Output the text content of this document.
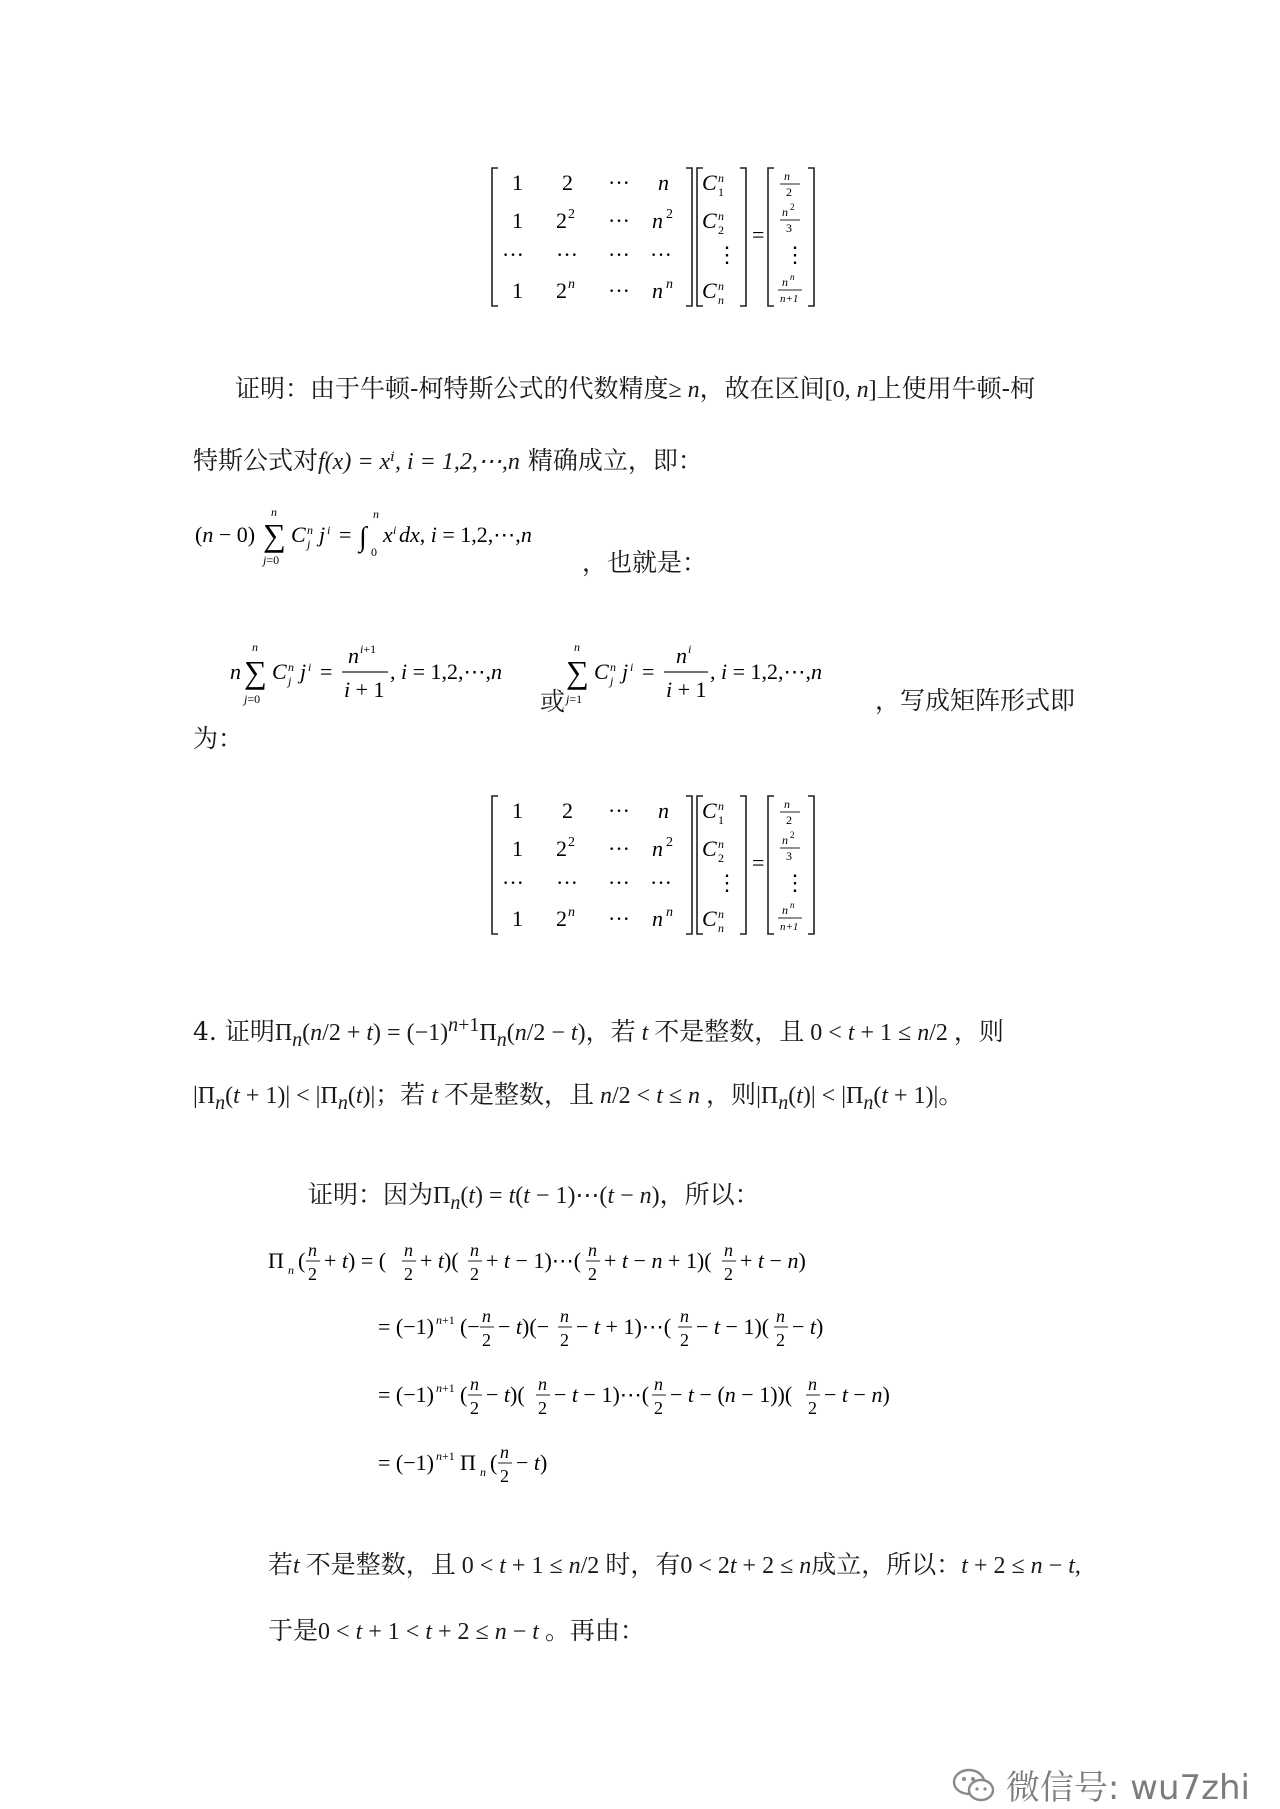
1 2 ··· n
1 2 2 ··· n 2
··· ··· ··· ···
1 2 n ··· n n
C n
1
C n
2
⋮
C n
n
=
n
2
n 2
3
⋮
n n
n+1
证明：由于牛顿-柯特斯公式的代数精度≥ n，故在区间[0, n]上使用牛顿-柯
特斯公式对f(x) = xⁱ, i = 1,2,⋯,n 精确成立，即：
(n − 0) ∑
n
j=0
C n
j j i = ∫
n
0
x i dx, i = 1,2,⋯,n
，也就是：
n ∑
n
j=0
C n
j j i =
n i+1
i + 1
, i = 1,2,⋯,n
或
∑
n
j=1
C n
j j i =
n i
i + 1
, i = 1,2,⋯,n
，写成矩阵形式即
为：
1 2 ··· n
1 2 2 ··· n 2
··· ··· ··· ···
1 2 n ··· n n
C n
1
C n
2
⋮
C n
n
=
n
2
n 2
3
⋮
n n
n+1
4. 证明$\Pi_n(n/2 + t) = (-1)^{n+1}\Pi_n(n/2 - t)$，若 t 不是整数，且 0 < t + 1 ≤ n/2 ，则
$|\Pi_n(t + 1)| < |\Pi_n(t)|$；若 t 不是整数，且 n/2 < t ≤ n ，则$|\Pi_n(t)| < |\Pi_n(t + 1)|$。
证明：因为$\Pi_n(t) = t(t$ − 1)⋯(t − n)，所以：
Π n ( n
2
+ t) = ( n
2
+ t)( n
2
+ t − 1)⋯( n
2
+ t − n + 1)( n
2
+ t − n)
= (−1) n+1 (− n
2
− t)(− n
2
− t + 1)⋯( n
2
− t − 1)( n
2
− t)
= (−1) n+1 ( n
2
− t)( n
2
− t − 1)⋯( n
2
− t − (n − 1))( n
2
− t − n)
= (−1) n+1 Π n ( n
2
− t)
若t 不是整数，且 0 < t + 1 ≤ n/2 时，有0 < 2t + 2 ≤ n成立，所以：t + 2 ≤ n − t,
于是0 < t + 1 < t + 2 ≤ n − t 。再由：
微信号: wu7zhi
